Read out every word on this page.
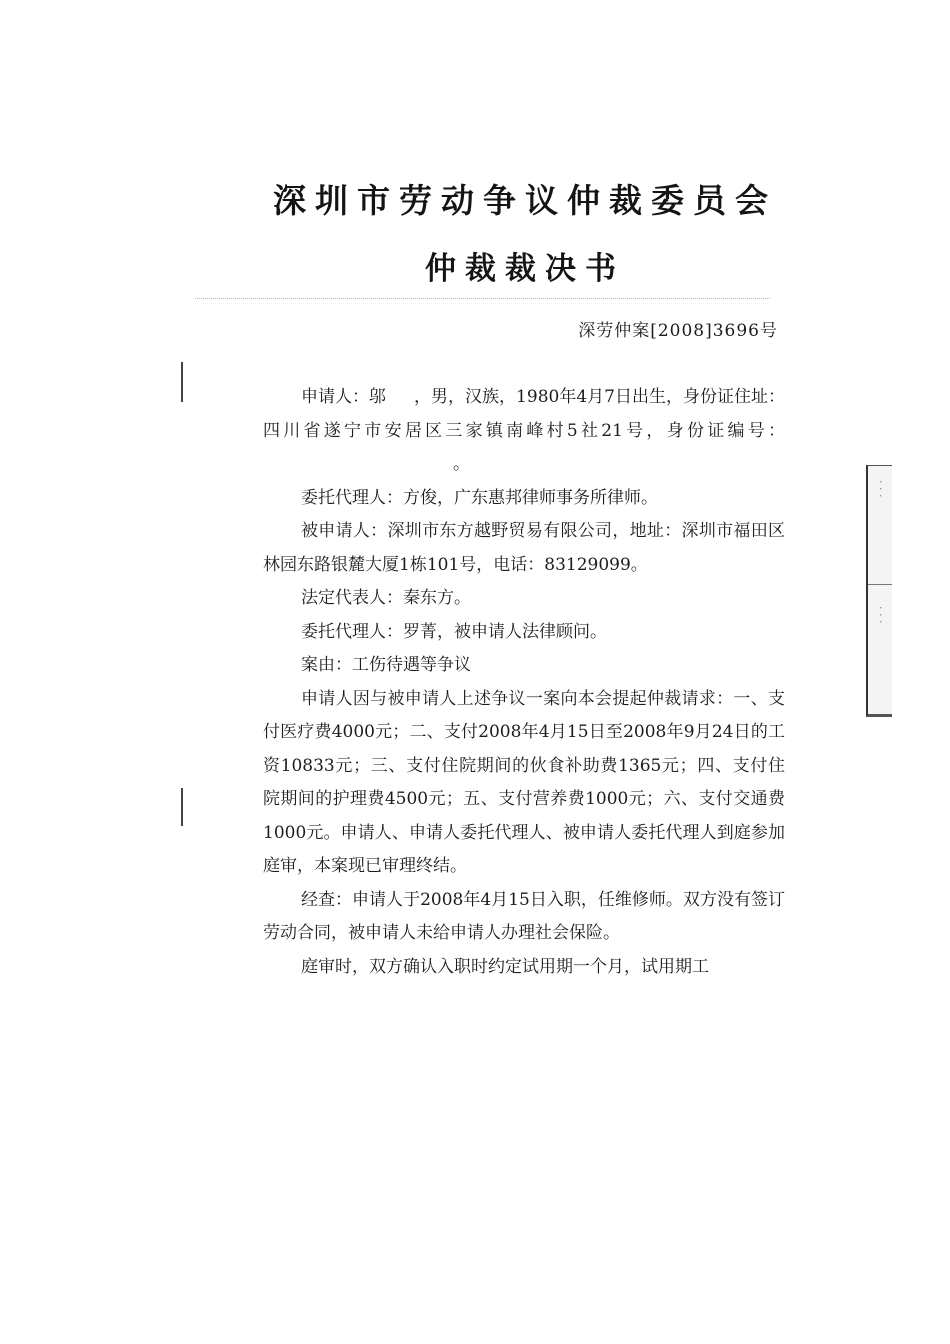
深圳市劳动争议仲裁委员会
仲裁裁决书
深劳仲案[2008]3696号

申请人：邬 ，男，汉族，1980年4月7日出生，身份证住址：四川省遂宁市安居区三家镇南峰村5社21号，身份证编号：。

委托代理人：方俊，广东惠邦律师事务所律师。

被申请人：深圳市东方越野贸易有限公司，地址：深圳市福田区林园东路银麓大厦1栋101号，电话：83129099。

法定代表人：秦东方。

委托代理人：罗菁，被申请人法律顾问。

案由：工伤待遇等争议

申请人因与被申请人上述争议一案向本会提起仲裁请求：一、支付医疗费4000元；二、支付2008年4月15日至2008年9月24日的工资10833元；三、支付住院期间的伙食补助费1365元；四、支付住院期间的护理费4500元；五、支付营养费1000元；六、支付交通费1000元。申请人、申请人委托代理人、被申请人委托代理人到庭参加庭审，本案现已审理终结。

经查：申请人于2008年4月15日入职，任维修师。双方没有签订劳动合同，被申请人未给申请人办理社会保险。

庭审时，双方确认入职时约定试用期一个月，试用期工

· · ·
· · ·
